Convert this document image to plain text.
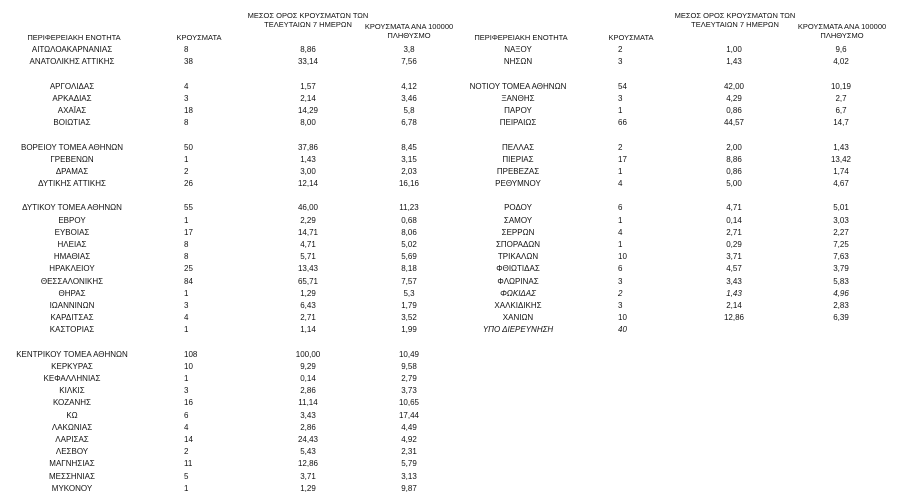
ΠΕΡΙΦΕΡΕΙΑΚΗ ΕΝΟΤΗΤΑ	ΚΡΟΥΣΜΑΤΑ
ΜΕΣΟΣ ΟΡΟΣ ΚΡΟΥΣΜΑΤΩΝ ΤΩΝ ΤΕΛΕΥΤΑΙΩΝ 7 ΗΜΕΡΩΝ	ΚΡΟΥΣΜΑΤΑ ΑΝΑ 100000 ΠΛΗΘΥΣΜΟ
ΑΙΤΩΛΟΑΚΑΡΝΑΝΙΑΣ	8	8,86	3,8
ΑΝΑΤΟΛΙΚΗΣ ΑΤΤΙΚΗΣ	38	33,14	7,56
ΑΡΓΟΛΙΔΑΣ	4	1,57	4,12
ΑΡΚΑΔΙΑΣ	3	2,14	3,46
ΑΧΑΪΑΣ	18	14,29	5,8
ΒΟΙΩΤΙΑΣ	8	8,00	6,78
ΒΟΡΕΙΟΥ ΤΟΜΕΑ ΑΘΗΝΩΝ	50	37,86	8,45
ΓΡΕΒΕΝΩΝ	1	1,43	3,15
ΔΡΑΜΑΣ	2	3,00	2,03
ΔΥΤΙΚΗΣ ΑΤΤΙΚΗΣ	26	12,14	16,16
ΔΥΤΙΚΟΥ ΤΟΜΕΑ ΑΘΗΝΩΝ	55	46,00	11,23
ΕΒΡΟΥ	1	2,29	0,68
ΕΥΒΟΙΑΣ	17	14,71	8,06
ΗΛΕΙΑΣ	8	4,71	5,02
ΗΜΑΘΙΑΣ	8	5,71	5,69
ΗΡΑΚΛΕΙΟΥ	25	13,43	8,18
ΘΕΣΣΑΛΟΝΙΚΗΣ	84	65,71	7,57
ΘΗΡΑΣ	1	1,29	5,3
ΙΩΑΝΝΙΝΩΝ	3	6,43	1,79
ΚΑΡΔΙΤΣΑΣ	4	2,71	3,52
ΚΑΣΤΟΡΙΑΣ	1	1,14	1,99
ΚΕΝΤΡΙΚΟΥ ΤΟΜΕΑ ΑΘΗΝΩΝ	108	100,00	10,49
ΚΕΡΚΥΡΑΣ	10	9,29	9,58
ΚΕΦΑΛΛΗΝΙΑΣ	1	0,14	2,79
ΚΙΛΚΙΣ	3	2,86	3,73
ΚΟΖΑΝΗΣ	16	11,14	10,65
ΚΩ	6	3,43	17,44
ΛΑΚΩΝΙΑΣ	4	2,86	4,49
ΛΑΡΙΣΑΣ	14	24,43	4,92
ΛΕΣΒΟΥ	2	5,43	2,31
ΜΑΓΝΗΣΙΑΣ	11	12,86	5,79
ΜΕΣΣΗΝΙΑΣ	5	3,71	3,13
ΜΥΚΟΝΟΥ	1	1,29	9,87
ΠΕΡΙΦΕΡΕΙΑΚΗ ΕΝΟΤΗΤΑ	ΚΡΟΥΣΜΑΤΑ
ΜΕΣΟΣ ΟΡΟΣ ΚΡΟΥΣΜΑΤΩΝ ΤΩΝ ΤΕΛΕΥΤΑΙΩΝ 7 ΗΜΕΡΩΝ	ΚΡΟΥΣΜΑΤΑ ΑΝΑ 100000 ΠΛΗΘΥΣΜΟ
ΝΑΞΟΥ	2	1,00	9,6
ΝΗΣΩΝ	3	1,43	4,02
ΝΟΤΙΟΥ ΤΟΜΕΑ ΑΘΗΝΩΝ	54	42,00	10,19
ΞΑΝΘΗΣ	3	4,29	2,7
ΠΑΡΟΥ	1	0,86	6,7
ΠΕΙΡΑΙΩΣ	66	44,57	14,7
ΠΕΛΛΑΣ	2	2,00	1,43
ΠΙΕΡΙΑΣ	17	8,86	13,42
ΠΡΕΒΕΖΑΣ	1	0,86	1,74
ΡΕΘΥΜΝΟΥ	4	5,00	4,67
ΡΟΔΟΥ	6	4,71	5,01
ΣΑΜΟΥ	1	0,14	3,03
ΣΕΡΡΩΝ	4	2,71	2,27
ΣΠΟΡΑΔΩΝ	1	0,29	7,25
ΤΡΙΚΑΛΩΝ	10	3,71	7,63
ΦΘΙΩΤΙΔΑΣ	6	4,57	3,79
ΦΛΩΡΙΝΑΣ	3	3,43	5,83
ΦΩΚΙΔΑΣ	2	1,43	4,96
ΧΑΛΚΙΔΙΚΗΣ	3	2,14	2,83
ΧΑΝΙΩΝ	10	12,86	6,39
ΥΠΟ ΔΙΕΡΕΥΝΗΣΗ	40
